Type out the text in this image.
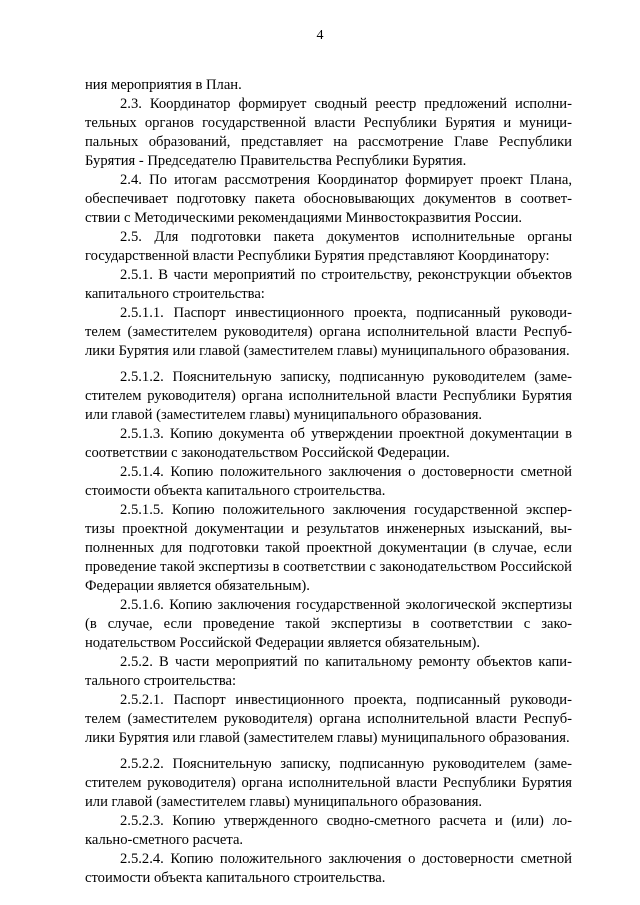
4

ния мероприятия в План.

2.3. Координатор формирует сводный реестр предложений исполнительных органов государственной власти Республики Бурятия и муниципальных образований, представляет на рассмотрение Главе Республики Бурятия - Председателю Правительства Республики Бурятия.

2.4. По итогам рассмотрения Координатор формирует проект Плана, обеспечивает подготовку пакета обосновывающих документов в соответствии с Методическими рекомендациями Минвостокразвития России.

2.5. Для подготовки пакета документов исполнительные органы государственной власти Республики Бурятия представляют Координатору:

2.5.1. В части мероприятий по строительству, реконструкции объектов капитального строительства:

2.5.1.1. Паспорт инвестиционного проекта, подписанный руководителем (заместителем руководителя) органа исполнительной власти Республики Бурятия или главой (заместителем главы) муниципального образования.

2.5.1.2. Пояснительную записку, подписанную руководителем (заместителем руководителя) органа исполнительной власти Республики Бурятия или главой (заместителем главы) муниципального образования.

2.5.1.3. Копию документа об утверждении проектной документации в соответствии с законодательством Российской Федерации.

2.5.1.4. Копию положительного заключения о достоверности сметной стоимости объекта капитального строительства.

2.5.1.5. Копию положительного заключения государственной экспертизы проектной документации и результатов инженерных изысканий, выполненных для подготовки такой проектной документации (в случае, если проведение такой экспертизы в соответствии с законодательством Российской Федерации является обязательным).

2.5.1.6. Копию заключения государственной экологической экспертизы (в случае, если проведение такой экспертизы в соответствии с законодательством Российской Федерации является обязательным).

2.5.2. В части мероприятий по капитальному ремонту объектов капитального строительства:

2.5.2.1. Паспорт инвестиционного проекта, подписанный руководителем (заместителем руководителя) органа исполнительной власти Республики Бурятия или главой (заместителем главы) муниципального образования.

2.5.2.2. Пояснительную записку, подписанную руководителем (заместителем руководителя) органа исполнительной власти Республики Бурятия или главой (заместителем главы) муниципального образования.

2.5.2.3. Копию утвержденного сводно-сметного расчета и (или) локально-сметного расчета.

2.5.2.4. Копию положительного заключения о достоверности сметной стоимости объекта капитального строительства.
